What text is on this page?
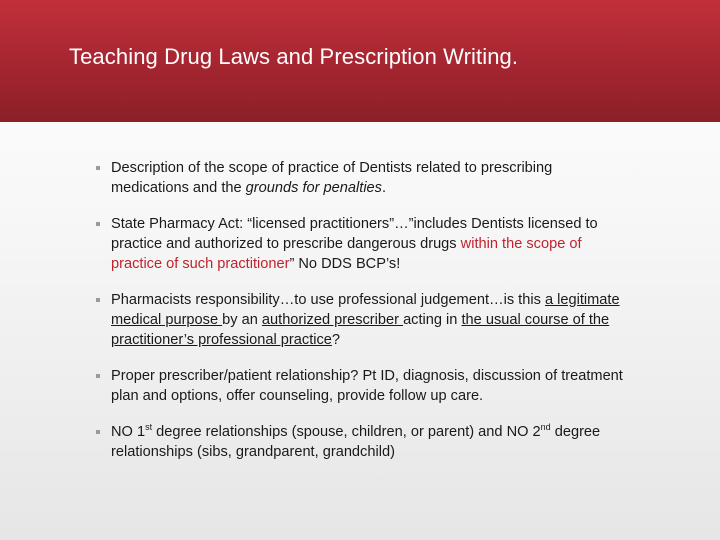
Teaching Drug Laws and Prescription Writing.
Description of the scope of practice of Dentists related to prescribing medications and the grounds for penalties.
State Pharmacy Act: “licensed practitioners”…”includes Dentists licensed to practice and authorized to prescribe dangerous drugs within the scope of practice of such practitioner” No DDS BCP’s!
Pharmacists responsibility…to use professional judgement…is this a legitimate medical purpose by an authorized prescriber acting in the usual course of the practitioner’s professional practice?
Proper prescriber/patient relationship? Pt ID, diagnosis, discussion of treatment plan and options, offer counseling, provide follow up care.
NO 1st degree relationships (spouse, children, or parent) and NO 2nd degree relationships (sibs, grandparent, grandchild)
